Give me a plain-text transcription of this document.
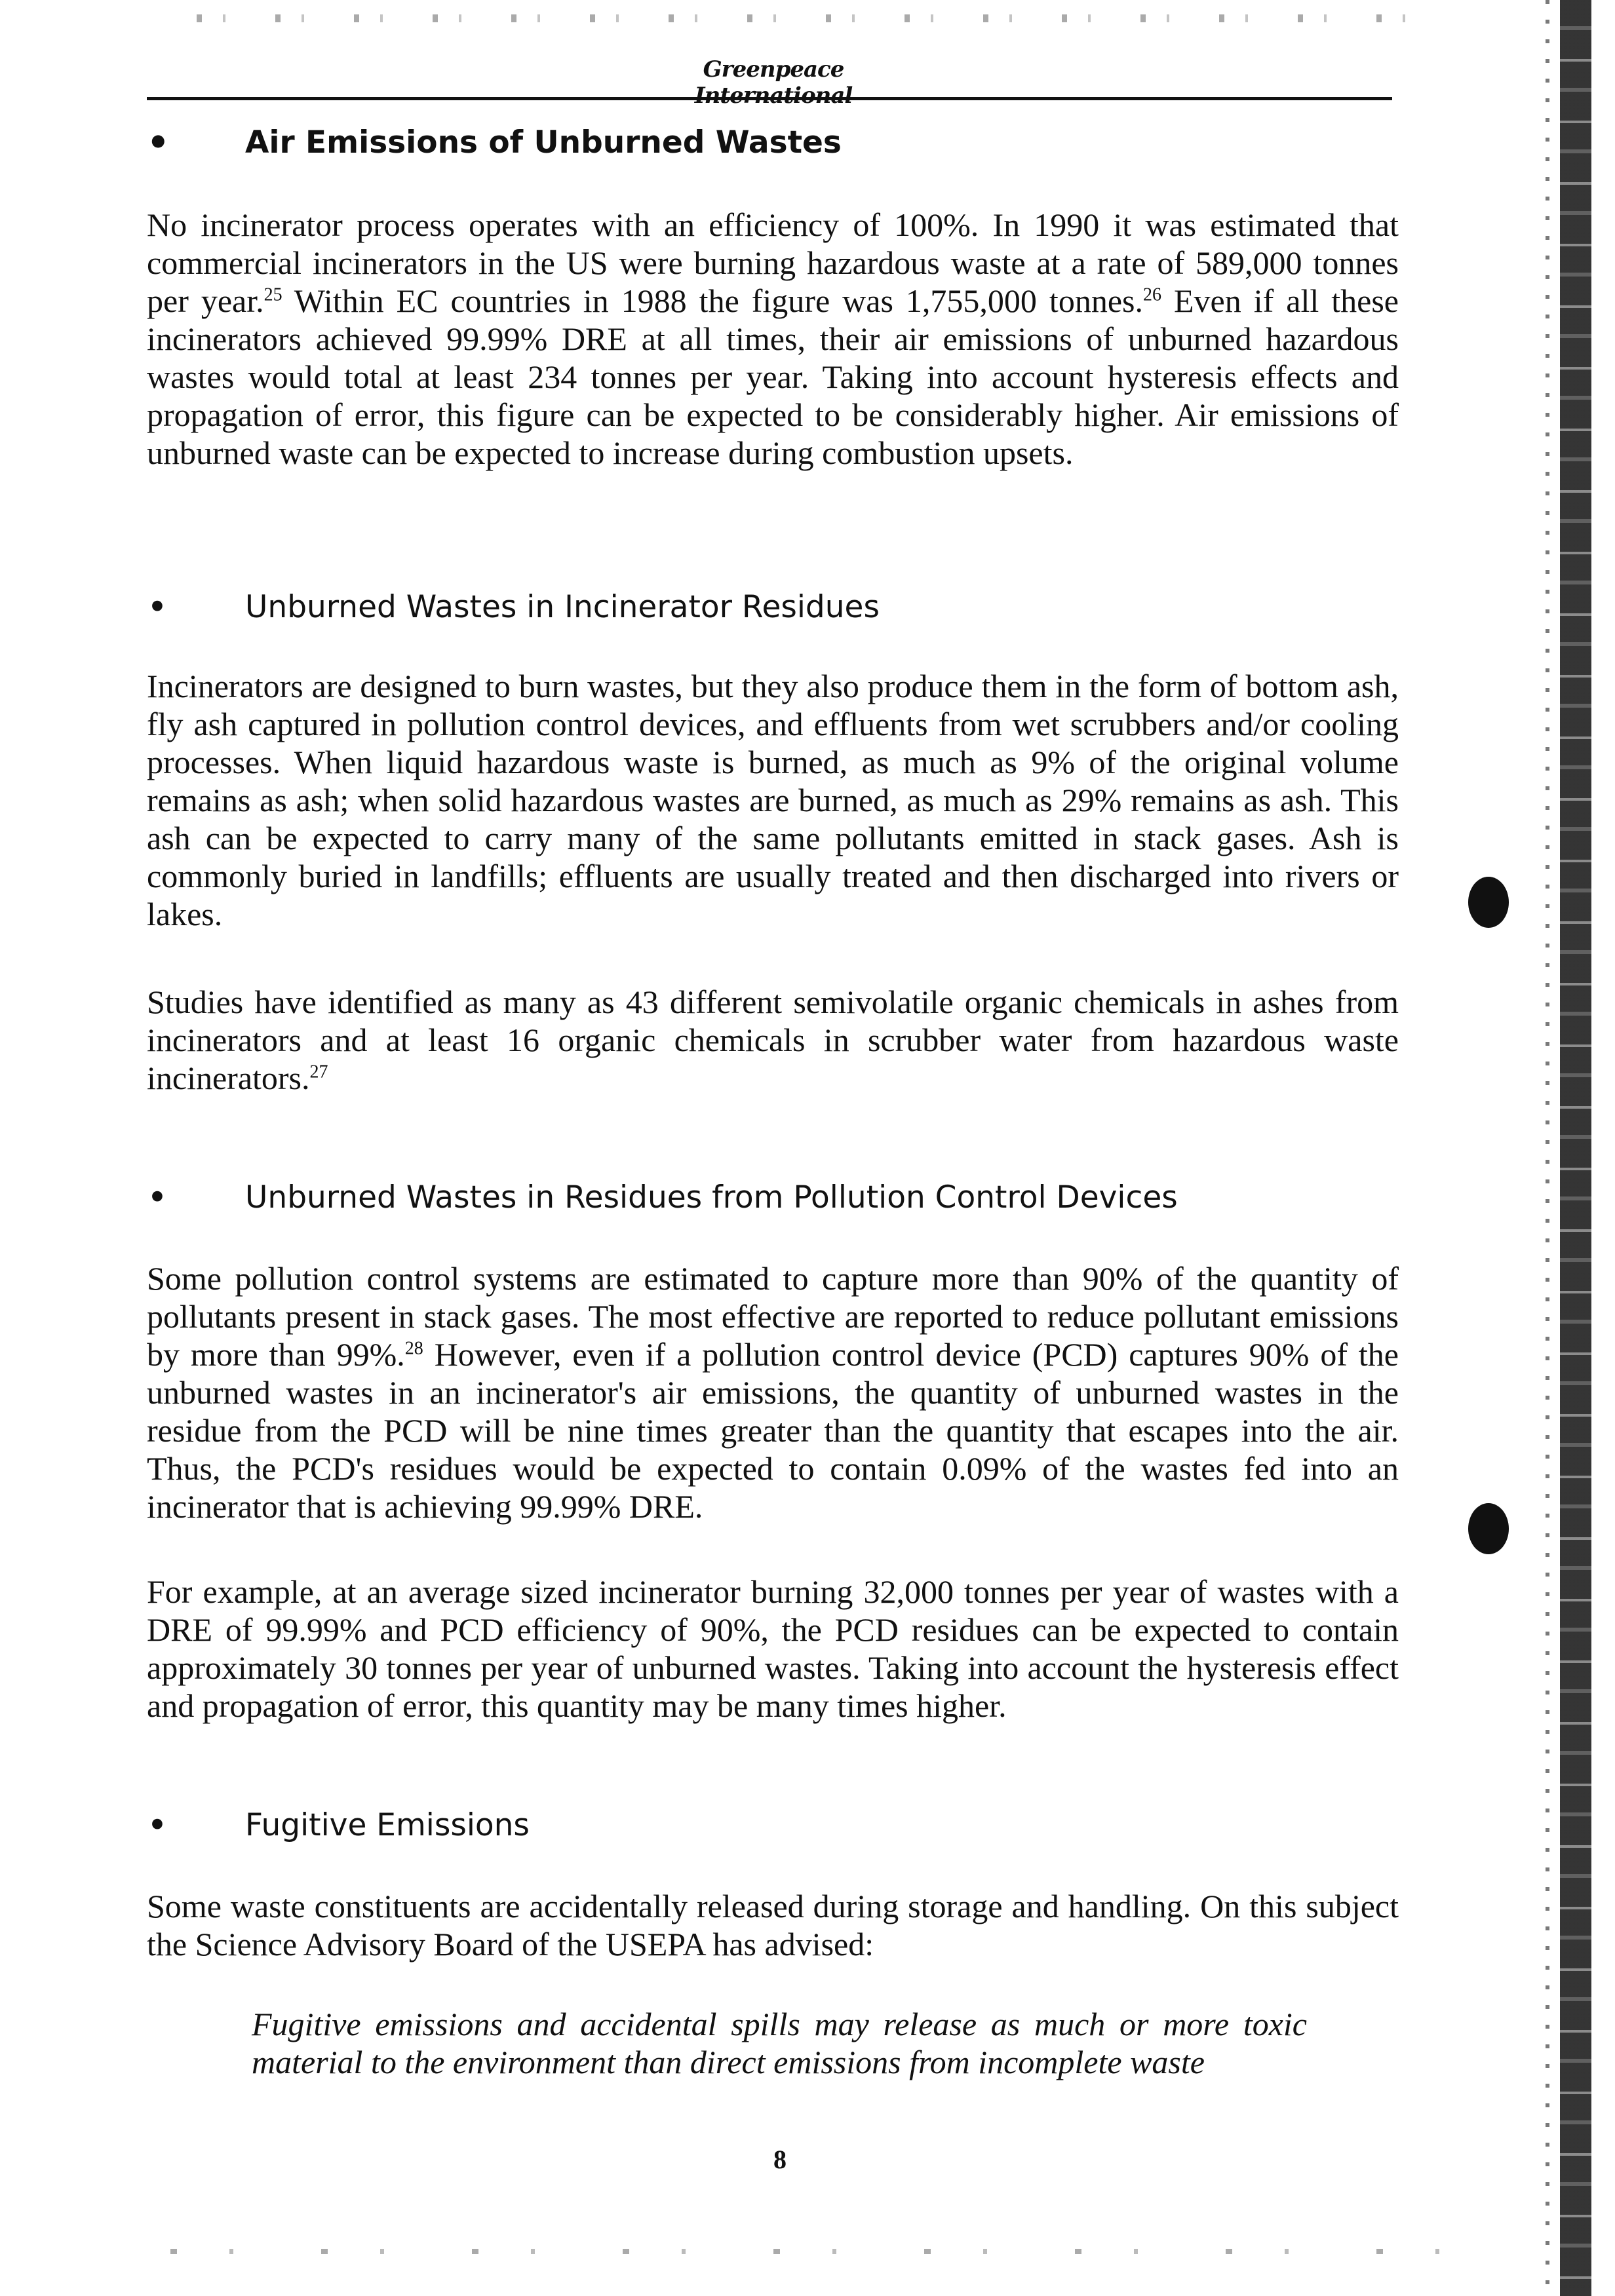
Greenpeace International
•	Air Emissions of Unburned Wastes

No incinerator process operates with an efficiency of 100%. In 1990 it was estimated that commercial incinerators in the US were burning hazardous waste at a rate of 589,000 tonnes per year.$^{25}$ Within EC countries in 1988 the figure was 1,755,000 tonnes.$^{26}$ Even if all these incinerators achieved 99.99% DRE at all times, their air emissions of unburned hazardous wastes would total at least 234 tonnes per year. Taking into account hysteresis effects and propagation of error, this figure can be expected to be considerably higher. Air emissions of unburned waste can be expected to increase during combustion upsets.

•	Unburned Wastes in Incinerator Residues

Incinerators are designed to burn wastes, but they also produce them in the form of bottom ash, fly ash captured in pollution control devices, and effluents from wet scrubbers and/or cooling processes. When liquid hazardous waste is burned, as much as 9% of the original volume remains as ash; when solid hazardous wastes are burned, as much as 29% remains as ash. This ash can be expected to carry many of the same pollutants emitted in stack gases. Ash is commonly buried in landfills; effluents are usually treated and then discharged into rivers or lakes.

Studies have identified as many as 43 different semivolatile organic chemicals in ashes from incinerators and at least 16 organic chemicals in scrubber water from hazardous waste incinerators.$^{27}$

•	Unburned Wastes in Residues from Pollution Control Devices

Some pollution control systems are estimated to capture more than 90% of the quantity of pollutants present in stack gases. The most effective are reported to reduce pollutant emissions by more than 99%.$^{28}$ However, even if a pollution control device (PCD) captures 90% of the unburned wastes in an incinerator's air emissions, the quantity of unburned wastes in the residue from the PCD will be nine times greater than the quantity that escapes into the air. Thus, the PCD's residues would be expected to contain 0.09% of the wastes fed into an incinerator that is achieving 99.99% DRE.

For example, at an average sized incinerator burning 32,000 tonnes per year of wastes with a DRE of 99.99% and PCD efficiency of 90%, the PCD residues can be expected to contain approximately 30 tonnes per year of unburned wastes. Taking into account the hysteresis effect and propagation of error, this quantity may be many times higher.

•	Fugitive Emissions

Some waste constituents are accidentally released during storage and handling. On this subject the Science Advisory Board of the USEPA has advised:

Fugitive emissions and accidental spills may release as much or more toxic material to the environment than direct emissions from incomplete waste

8
